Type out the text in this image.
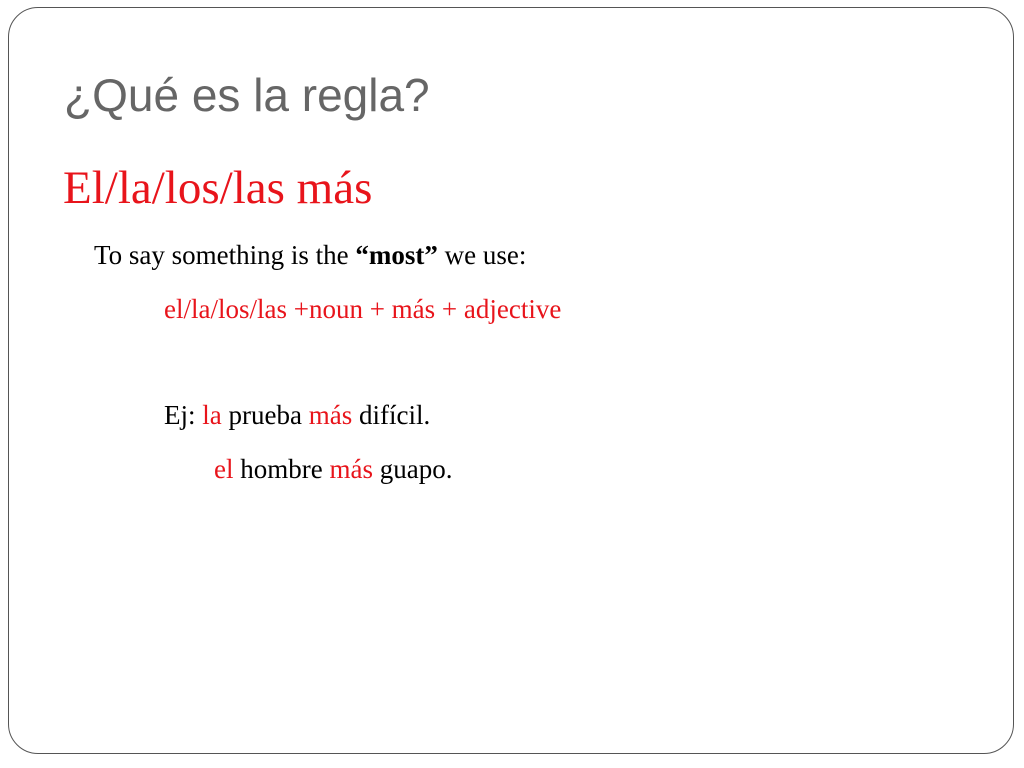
¿Qué es la regla?
El/la/los/las más

To say something is the “most” we use:

el/la/los/las +noun + más + adjective

Ej: la prueba más difícil.

el hombre más guapo.
